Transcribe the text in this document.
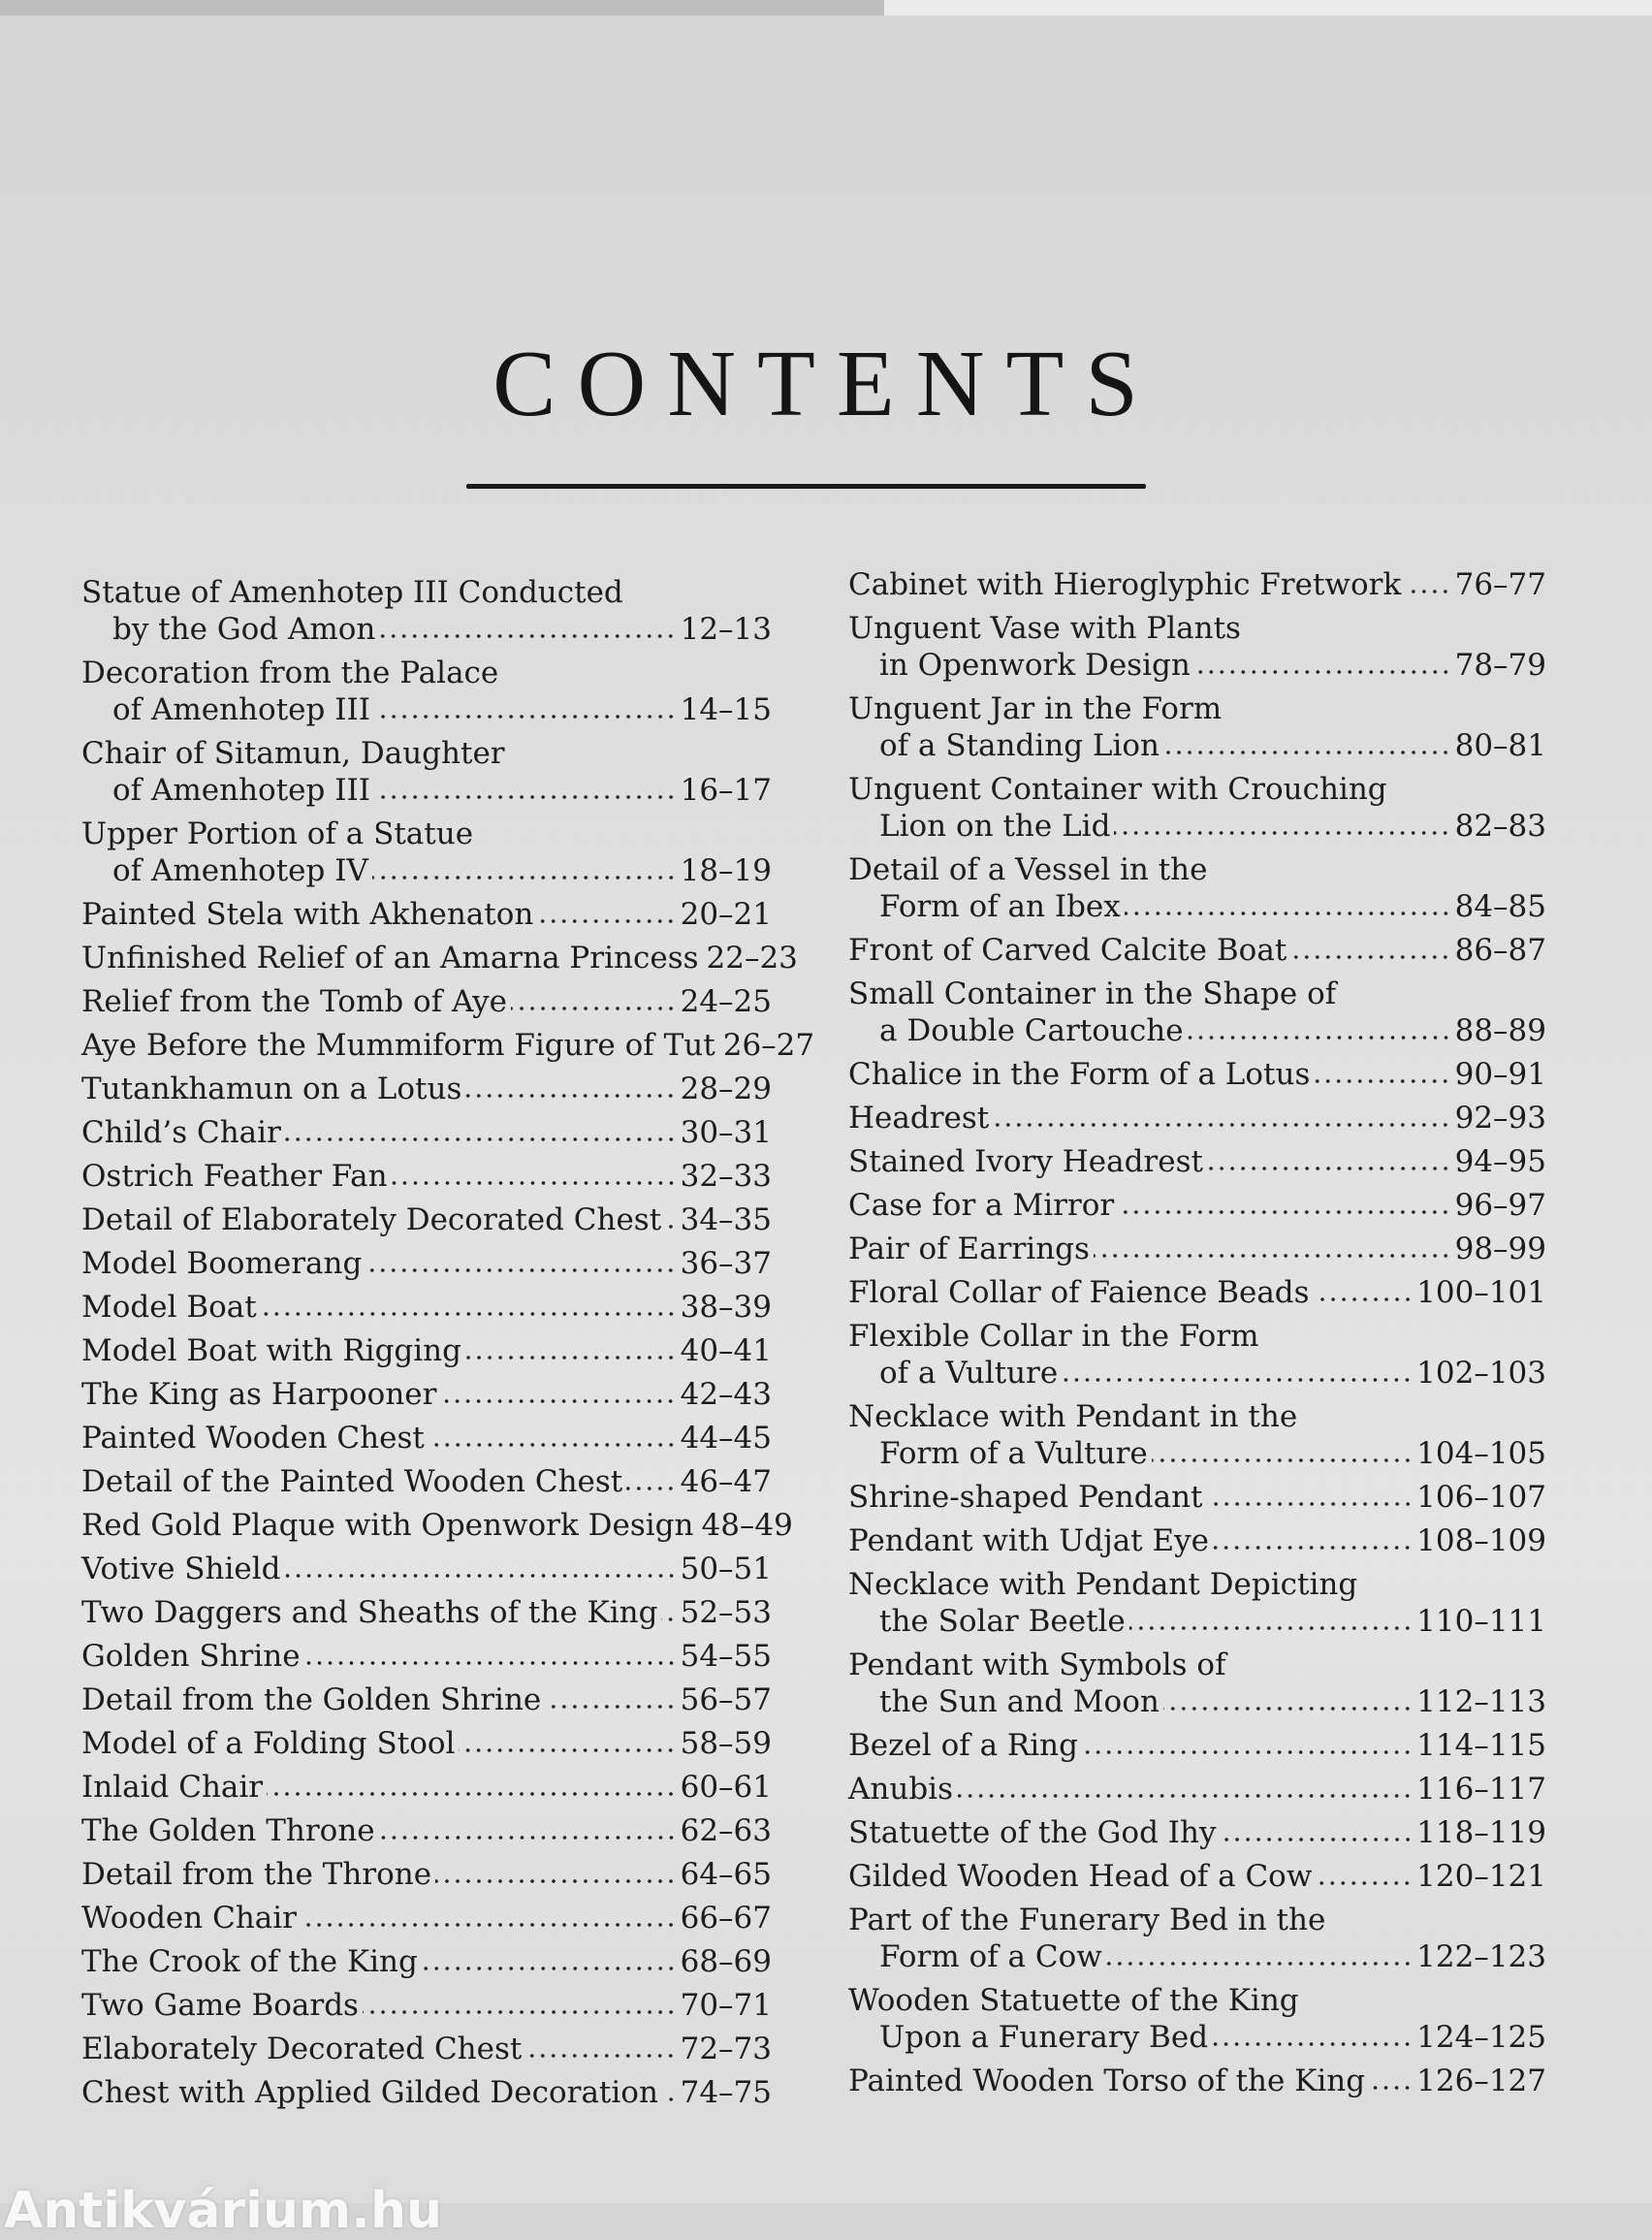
CONTENTS
Statue of Amenhotep III Conducted
by the God Amon	12–13
Decoration from the Palace
of Amenhotep III	14–15
Chair of Sitamun, Daughter
of Amenhotep III	16–17
Upper Portion of a Statue
of Amenhotep IV	18–19
Painted Stela with Akhenaton	20–21
Unfinished Relief of an Amarna Princess 22–23
Relief from the Tomb of Aye	24–25
Aye Before the Mummiform Figure of Tut 26–27
Tutankhamun on a Lotus	28–29
Child’s Chair	30–31
Ostrich Feather Fan	32–33
Detail of Elaborately Decorated Chest 34–35
Model Boomerang	36–37
Model Boat	38–39
Model Boat with Rigging	40–41
The King as Harpooner	42–43
Painted Wooden Chest	44–45
Detail of the Painted Wooden Chest 46–47
Red Gold Plaque with Openwork Design 48–49
Votive Shield	50–51
Two Daggers and Sheaths of the King 52–53
Golden Shrine	54–55
Detail from the Golden Shrine	56–57
Model of a Folding Stool	58–59
Inlaid Chair	60–61
The Golden Throne	62–63
Detail from the Throne	64–65
Wooden Chair	66–67
The Crook of the King	68–69
Two Game Boards	70–71
Elaborately Decorated Chest	72–73
Chest with Applied Gilded Decoration 74–75
Cabinet with Hieroglyphic Fretwork 76–77
Unguent Vase with Plants
in Openwork Design	78–79
Unguent Jar in the Form
of a Standing Lion	80–81
Unguent Container with Crouching
Lion on the Lid	82–83
Detail of a Vessel in the
Form of an Ibex	84–85
Front of Carved Calcite Boat	86–87
Small Container in the Shape of
a Double Cartouche	88–89
Chalice in the Form of a Lotus	90–91
Headrest	92–93
Stained Ivory Headrest	94–95
Case for a Mirror	96–97
Pair of Earrings	98–99
Floral Collar of Faience Beads	100–101
Flexible Collar in the Form
of a Vulture	102–103
Necklace with Pendant in the
Form of a Vulture	104–105
Shrine-shaped Pendant	106–107
Pendant with Udjat Eye	108–109
Necklace with Pendant Depicting
the Solar Beetle	110–111
Pendant with Symbols of
the Sun and Moon	112–113
Bezel of a Ring	114–115
Anubis	116–117
Statuette of the God Ihy	118–119
Gilded Wooden Head of a Cow	120–121
Part of the Funerary Bed in the
Form of a Cow	122–123
Wooden Statuette of the King
Upon a Funerary Bed	124–125
Painted Wooden Torso of the King 126–127
Antikvárium.hu
